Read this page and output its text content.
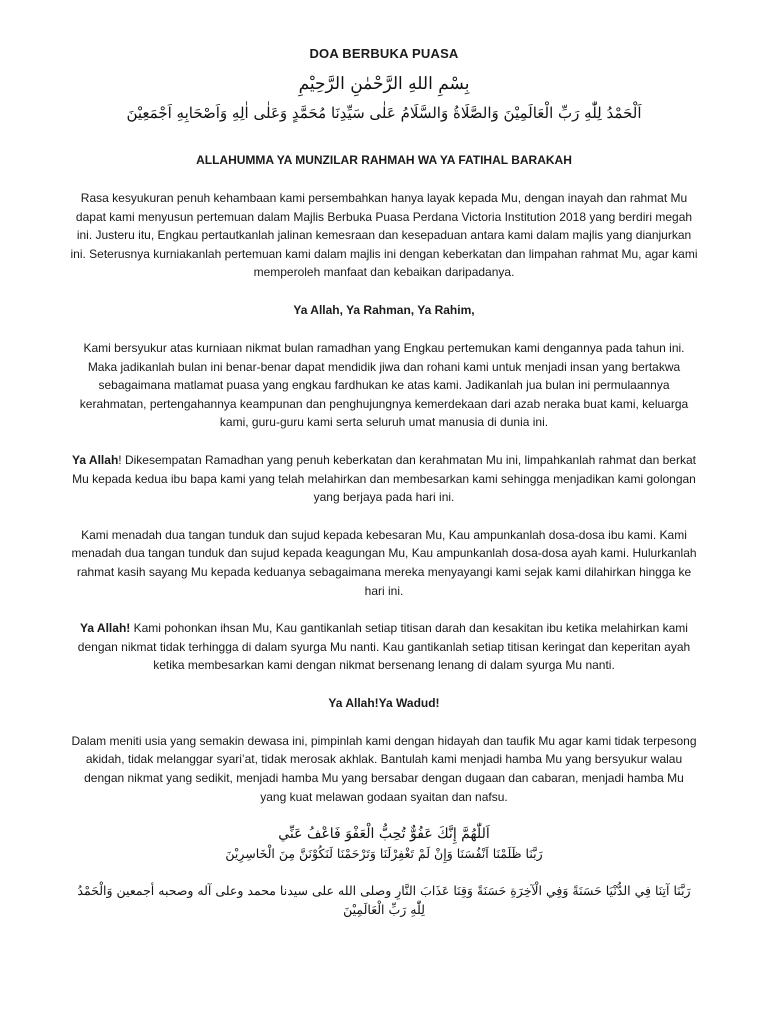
DOA BERBUKA PUASA

بِسْمِ اللهِ الرَّحْمٰنِ الرَّحِيْمِ

اَلْحَمْدُ لِلّٰهِ رَبِّ الْعَالَمِيْنَ وَالصَّلَاةُ وَالسَّلَامُ عَلٰى سَيِّدِنَا مُحَمَّدٍ وَعَلٰى اٰلِهِ وَاَصْحَابِهِ اَجْمَعِيْنَ

ALLAHUMMA YA MUNZILAR RAHMAH WA YA FATIHAL BARAKAH

Rasa kesyukuran penuh kehambaan kami persembahkan hanya layak kepada Mu, dengan inayah dan rahmat Mu dapat kami menyusun pertemuan dalam Majlis Berbuka Puasa Perdana Victoria Institution 2018 yang berdiri megah ini. Justeru itu, Engkau pertautkanlah jalinan kemesraan dan kesepaduan antara kami dalam majlis yang dianjurkan ini. Seterusnya kurniakanlah pertemuan kami dalam majlis ini dengan keberkatan dan limpahan rahmat Mu, agar kami memperoleh manfaat dan kebaikan daripadanya.

Ya Allah, Ya Rahman, Ya Rahim,

Kami bersyukur atas kurniaan nikmat bulan ramadhan yang Engkau pertemukan kami dengannya pada tahun ini. Maka jadikanlah bulan ini benar-benar dapat mendidik jiwa dan rohani kami untuk menjadi insan yang bertakwa sebagaimana matlamat puasa yang engkau fardhukan ke atas kami. Jadikanlah jua bulan ini permulaannya kerahmatan, pertengahannya keampunan dan penghujungnya kemerdekaan dari azab neraka buat kami, keluarga kami, guru-guru kami serta seluruh umat manusia di dunia ini.

Ya Allah! Dikesempatan Ramadhan yang penuh keberkatan dan kerahmatan Mu ini, limpahkanlah rahmat dan berkat Mu kepada kedua ibu bapa kami yang telah melahirkan dan membesarkan kami sehingga menjadikan kami golongan yang berjaya pada hari ini.

Kami menadah dua tangan tunduk dan sujud kepada kebesaran Mu, Kau ampunkanlah dosa-dosa ibu kami. Kami menadah dua tangan tunduk dan sujud kepada keagungan Mu, Kau ampunkanlah dosa-dosa ayah kami. Hulurkanlah rahmat kasih sayang Mu kepada keduanya sebagaimana mereka menyayangi kami sejak kami dilahirkan hingga ke hari ini.

Ya Allah! Kami pohonkan ihsan Mu, Kau gantikanlah setiap titisan darah dan kesakitan ibu ketika melahirkan kami dengan nikmat tidak terhingga di dalam syurga Mu nanti. Kau gantikanlah setiap titisan keringat dan keperitan ayah ketika membesarkan kami dengan nikmat bersenang lenang di dalam syurga Mu nanti.

Ya Allah!Ya Wadud!

Dalam meniti usia yang semakin dewasa ini, pimpinlah kami dengan hidayah dan taufik Mu agar kami tidak terpesong akidah, tidak melanggar syari’at, tidak merosak akhlak. Bantulah kami menjadi hamba Mu yang bersyukur walau dengan nikmat yang sedikit, menjadi hamba Mu yang bersabar dengan dugaan dan cabaran, menjadi hamba Mu yang kuat melawan godaan syaitan dan nafsu.

اَللّٰهُمَّ إِنَّكَ عَفُوٌّ تُحِبُّ الْعَفْوَ فَاعْفُ عَنِّي

رَبَّنَا ظَلَمْنَا اَنْفُسَنَا وَإِنْ لَمْ تَغْفِرْلَنَا وَتَرْحَمْنَا لَنَكُوْنَنَّ مِنَ الْخَاسِرِيْنَ

رَبَّنَا آتِنَا فِي الدُّنْيَا حَسَنَةً وَفِي الْآخِرَةِ حَسَنَةً وَقِنَا عَذَابَ النَّارِ وصلى الله على سيدنا محمد وعلى آله وصحبه أجمعين وَالْحَمْدُ لِلّٰهِ رَبِّ الْعَالَمِيْنَ
